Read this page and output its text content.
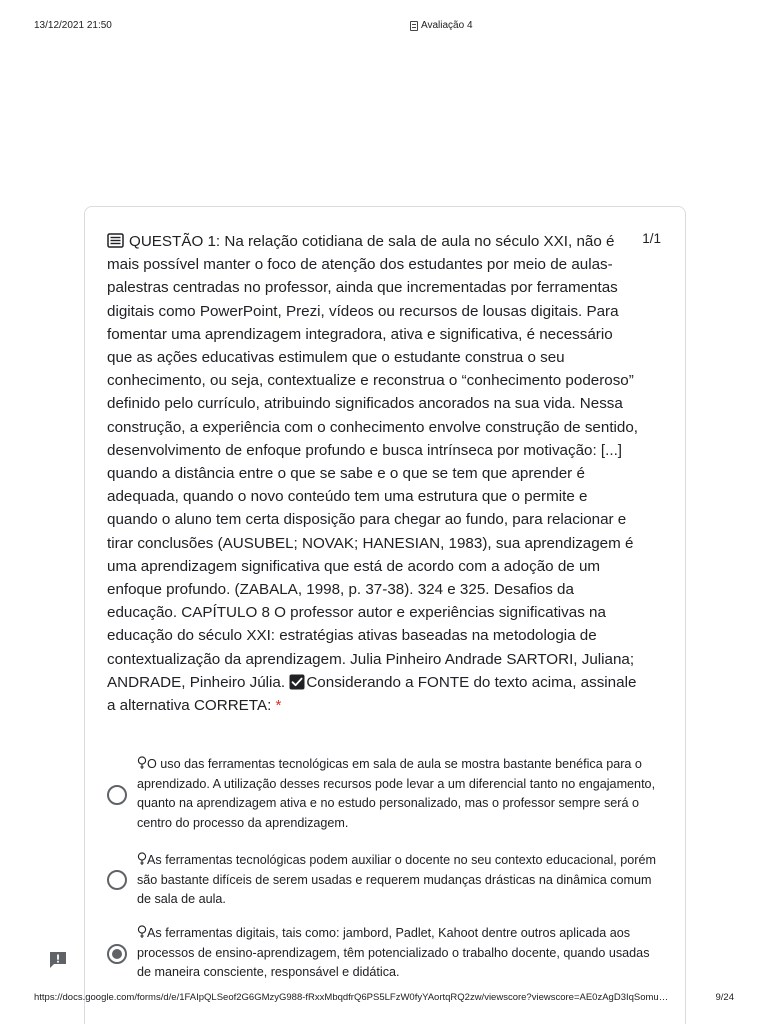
13/12/2021 21:50	Avaliação 4
1/1

QUESTÃO 1: Na relação cotidiana de sala de aula no século XXI, não é mais possível manter o foco de atenção dos estudantes por meio de aulas-palestras centradas no professor, ainda que incrementadas por ferramentas digitais como PowerPoint, Prezi, vídeos ou recursos de lousas digitais. Para fomentar uma aprendizagem integradora, ativa e significativa, é necessário que as ações educativas estimulem que o estudante construa o seu conhecimento, ou seja, contextualize e reconstrua o “conhecimento poderoso” definido pelo currículo, atribuindo significados ancorados na sua vida. Nessa construção, a experiência com o conhecimento envolve construção de sentido, desenvolvimento de enfoque profundo e busca intrínseca por motivação: [...] quando a distância entre o que se sabe e o que se tem que aprender é adequada, quando o novo conteúdo tem uma estrutura que o permite e quando o aluno tem certa disposição para chegar ao fundo, para relacionar e tirar conclusões (AUSUBEL; NOVAK; HANESIAN, 1983), sua aprendizagem é uma aprendizagem significativa que está de acordo com a adoção de um enfoque profundo. (ZABALA, 1998, p. 37-38). 324 e 325. Desafios da educação. CAPÍTULO 8 O professor autor e experiências significativas na educação do século XXI: estratégias ativas baseadas na metodologia de contextualização da aprendizagem. Julia Pinheiro Andrade SARTORI, Juliana; ANDRADE, Pinheiro Júlia. Considerando a FONTE do texto acima, assinale a alternativa CORRETA: *

O uso das ferramentas tecnológicas em sala de aula se mostra bastante benéfica para o aprendizado. A utilização desses recursos pode levar a um diferencial tanto no engajamento, quanto na aprendizagem ativa e no estudo personalizado, mas o professor sempre será o centro do processo da aprendizagem.
As ferramentas tecnológicas podem auxiliar o docente no seu contexto educacional, porém são bastante difíceis de serem usadas e requerem mudanças drásticas na dinâmica comum de sala de aula.
As ferramentas digitais, tais como: jambord, Padlet, Kahoot dentre outros aplicada aos processos de ensino-aprendizagem, têm potencializado o trabalho docente, quando usadas de maneira consciente, responsável e didática.
https://docs.google.com/forms/d/e/1FAIpQLSeof2G6GMzyG988-fRxxMbqdfrQ6PS5LFzW0fyYAortqRQ2zw/viewscore?viewscore=AE0zAgD3IqSomu…	9/24
